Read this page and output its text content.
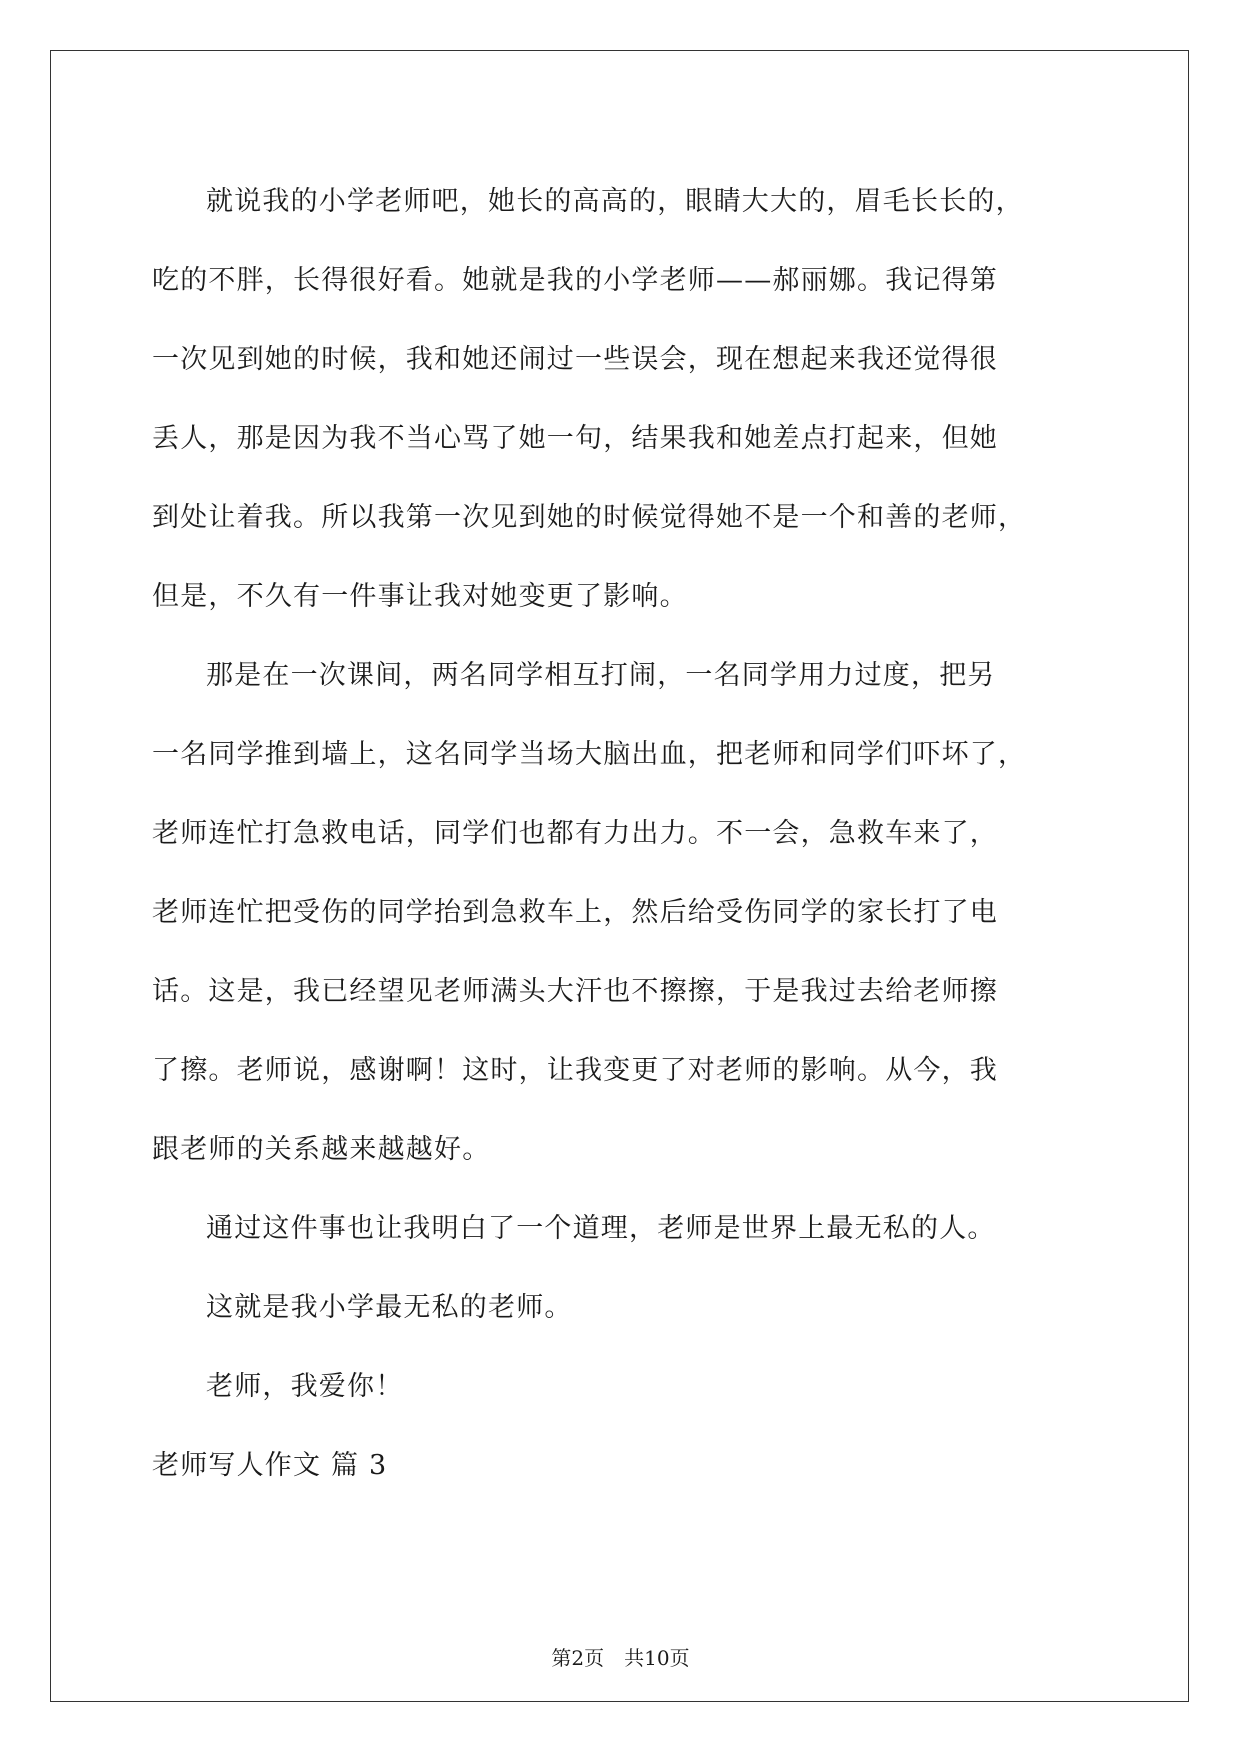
就说我的小学老师吧，她长的高高的，眼睛大大的，眉毛长长的，
吃的不胖，长得很好看。她就是我的小学老师——郝丽娜。我记得第
一次见到她的时候，我和她还闹过一些误会，现在想起来我还觉得很
丢人，那是因为我不当心骂了她一句，结果我和她差点打起来，但她
到处让着我。所以我第一次见到她的时候觉得她不是一个和善的老师，
但是，不久有一件事让我对她变更了影响。
那是在一次课间，两名同学相互打闹，一名同学用力过度，把另
一名同学推到墙上，这名同学当场大脑出血，把老师和同学们吓坏了，
老师连忙打急救电话，同学们也都有力出力。不一会，急救车来了，
老师连忙把受伤的同学抬到急救车上，然后给受伤同学的家长打了电
话。这是，我已经望见老师满头大汗也不擦擦，于是我过去给老师擦
了擦。老师说，感谢啊！这时，让我变更了对老师的影响。从今，我
跟老师的关系越来越越好。
通过这件事也让我明白了一个道理，老师是世界上最无私的人。
这就是我小学最无私的老师。
老师，我爱你！
老师写人作文 篇 3
第2页　共10页
